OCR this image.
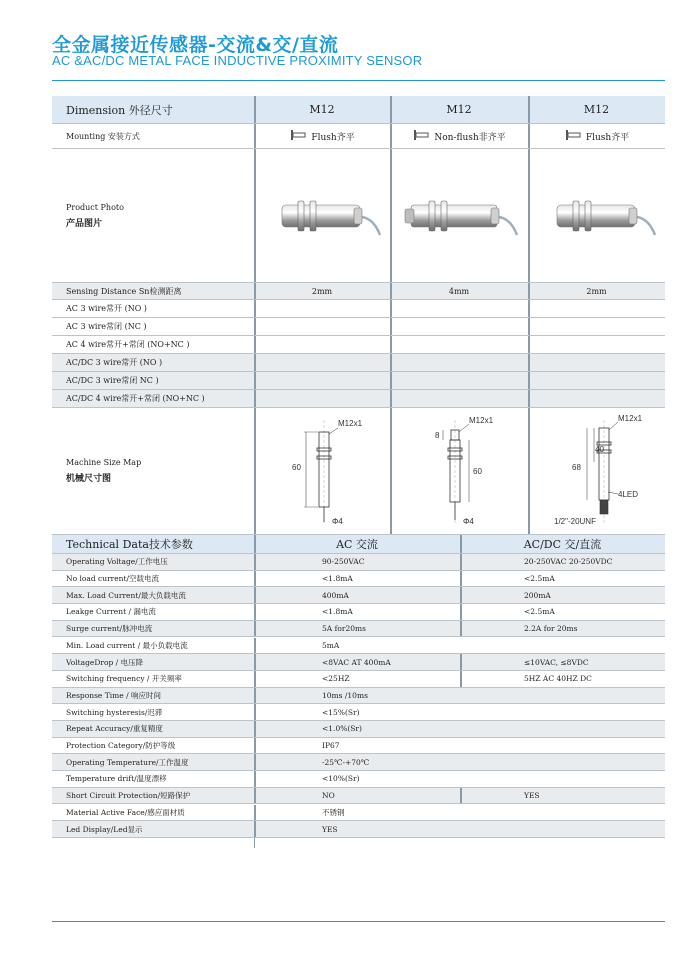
全金属接近传感器-交流&交/直流
AC &AC/DC METAL FACE INDUCTIVE PROXIMITY SENSOR
Dimension 外径尺寸	M12	M12	M12
Mounting 安装方式	Flush齐平	Non-flush非齐平	Flush齐平
Product Photo
产品图片
Sensing Distance Sn检测距离	2mm	4mm	2mm
AC 3 wire常开 (NO )
AC 3 wire常闭 (NC )
AC 4 wire常开+常闭 (NO+NC )
AC/DC 3 wire常开 (NO )
AC/DC 3 wire常闭 NC )
AC/DC 4 wire常开+常闭 (NO+NC )
Machine Size Map
机械尺寸图
60
M12x1
Φ4
8
60
M12x1
Φ4
68
40
M12x1
4LED
1/2"-20UNF
Technical Data技术参数	AC 交流	AC/DC 交/直流
Operating Voltage/工作电压	90-250VAC	20-250VAC 20-250VDC
No load current/空载电流	<1.8mA	<2.5mA
Max. Load Current/最大负载电流	400mA	200mA
Leakge Current / 漏电流	<1.8mA	<2.5mA
Surge current/脉冲电流	5A for20ms	2.2A for 20ms
Min. Load current / 最小负载电流	5mA
VoltageDrop / 电压降	<8VAC AT 400mA	≤10VAC, ≤8VDC
Switching frequency / 开关频率	<25HZ	5HZ AC 40HZ DC
Response Time / 响应时间	10ms /10ms
Switching hysteresis/迟滞	<15%(Sr)
Repeat Accuracy/重复精度	<1.0%(Sr)
Protection Category/防护等级	IP67
Operating Temperature/工作温度	-25℃-+70℃
Temperature drift/温度漂移	<10%(Sr)
Short Circuit Protection/短路保护	NO	YES
Material Active Face/感应面材质	不锈钢
Led Display/Led显示	YES
